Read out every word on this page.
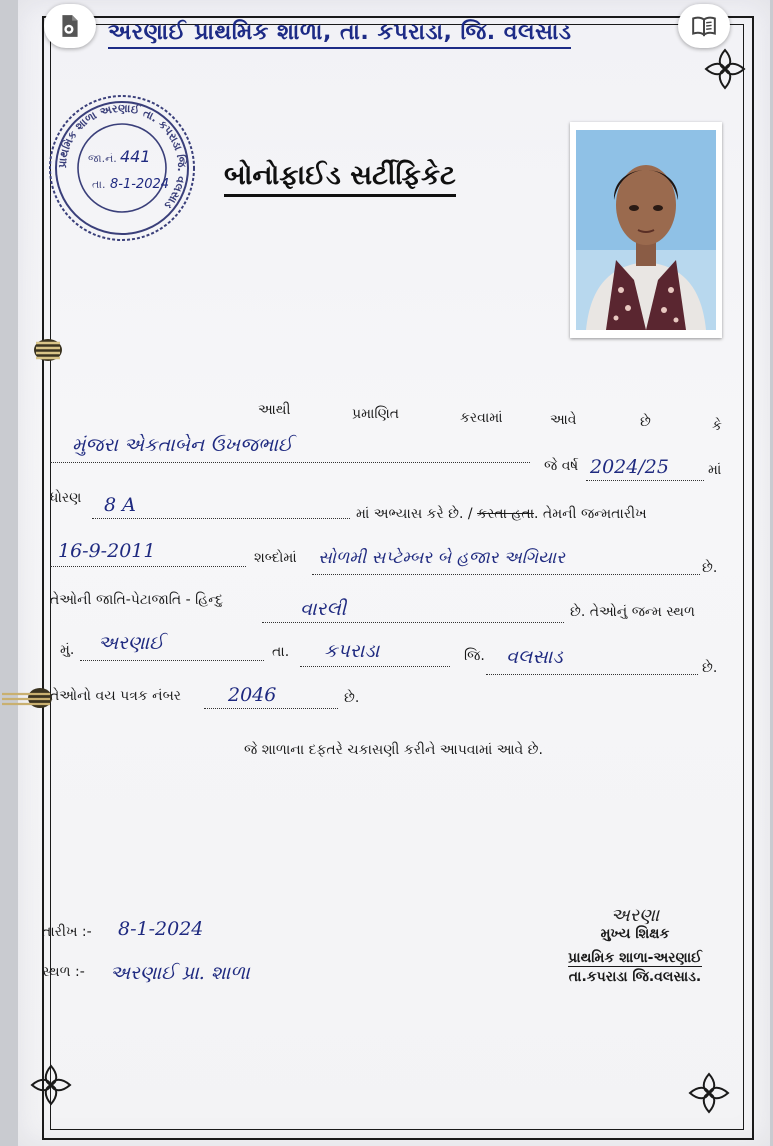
અરણાઈ પ્રાથમિક શાળા, તા. કપરાડા, જિ. વલસાડ
પ્રાથમિક શાળા અરણાઈ તા. કપરાડા જિ. વલસાડ
જા.નં. 441
તા. 8-1-2024 બોનોફાઈડ સર્ટીફિકેટ
આથી	પ્રમાણિત	કરવામાં	આવે	છે	કે
મુંજરા એકતાબેન ઉખજભાઈ
જે વર્ષ 2024/25	માં
ધોરણ 8 A	માં અભ્યાસ કરે છે. / કરતા હતા. તેમની જન્મતારીખ
16-9-2011	શબ્દોમાં સોળમી સપ્ટેમ્બર બે હજાર અગિયાર	છે.
તેઓની જાતિ-પેટાજાતિ - હિન્દુ	વારલી	છે. તેઓનું જન્મ સ્થળ
મું. અરણાઈ	તા. કપરાડા	જિ. વલસાડ	છે.
તેઓનો વય પત્રક નંબર 2046	છે.
જે શાળાના દફતરે ચકાસણી કરીને આપવામાં આવે છે.
તારીખ :- 8-1-2024
સ્થળ :- અરણાઈ પ્રા. શાળા
અરણા
મુખ્ય શિક્ષક
પ્રાથમિક શાળા-અરણાઈ
તા.કપરાડા જિ.વલસાડ.
